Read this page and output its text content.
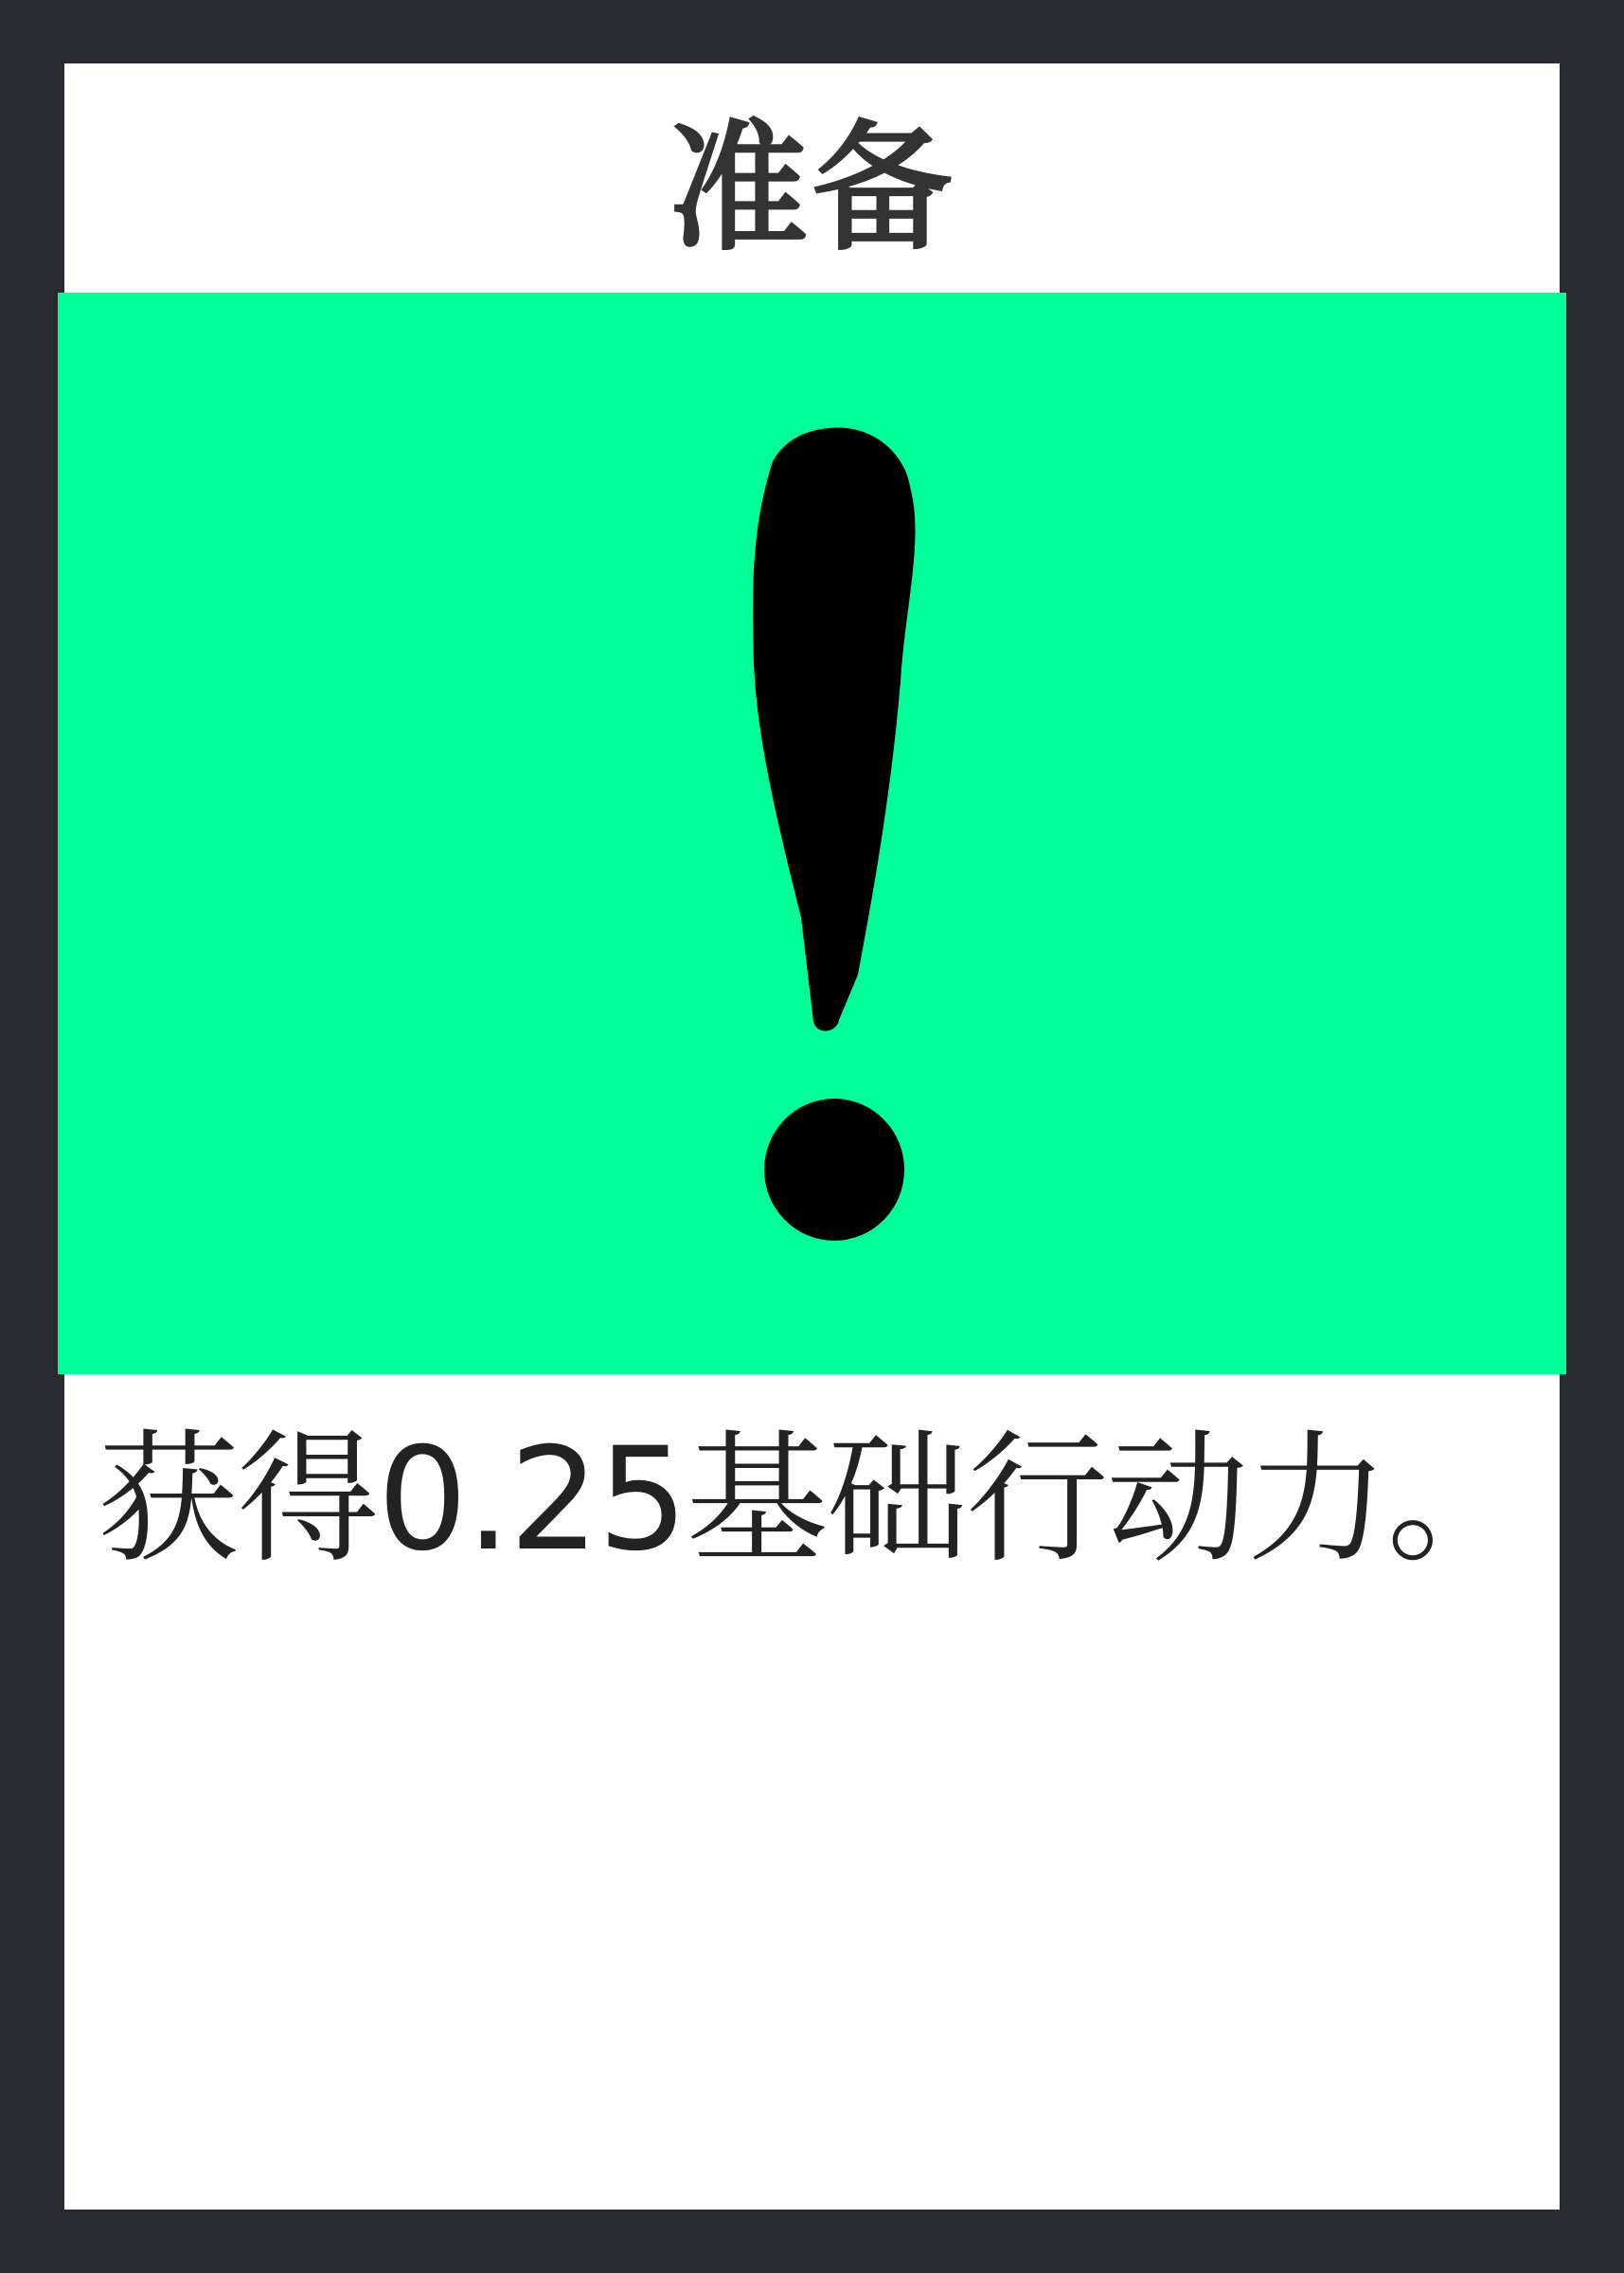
准备
获得0.25基础行动力。
